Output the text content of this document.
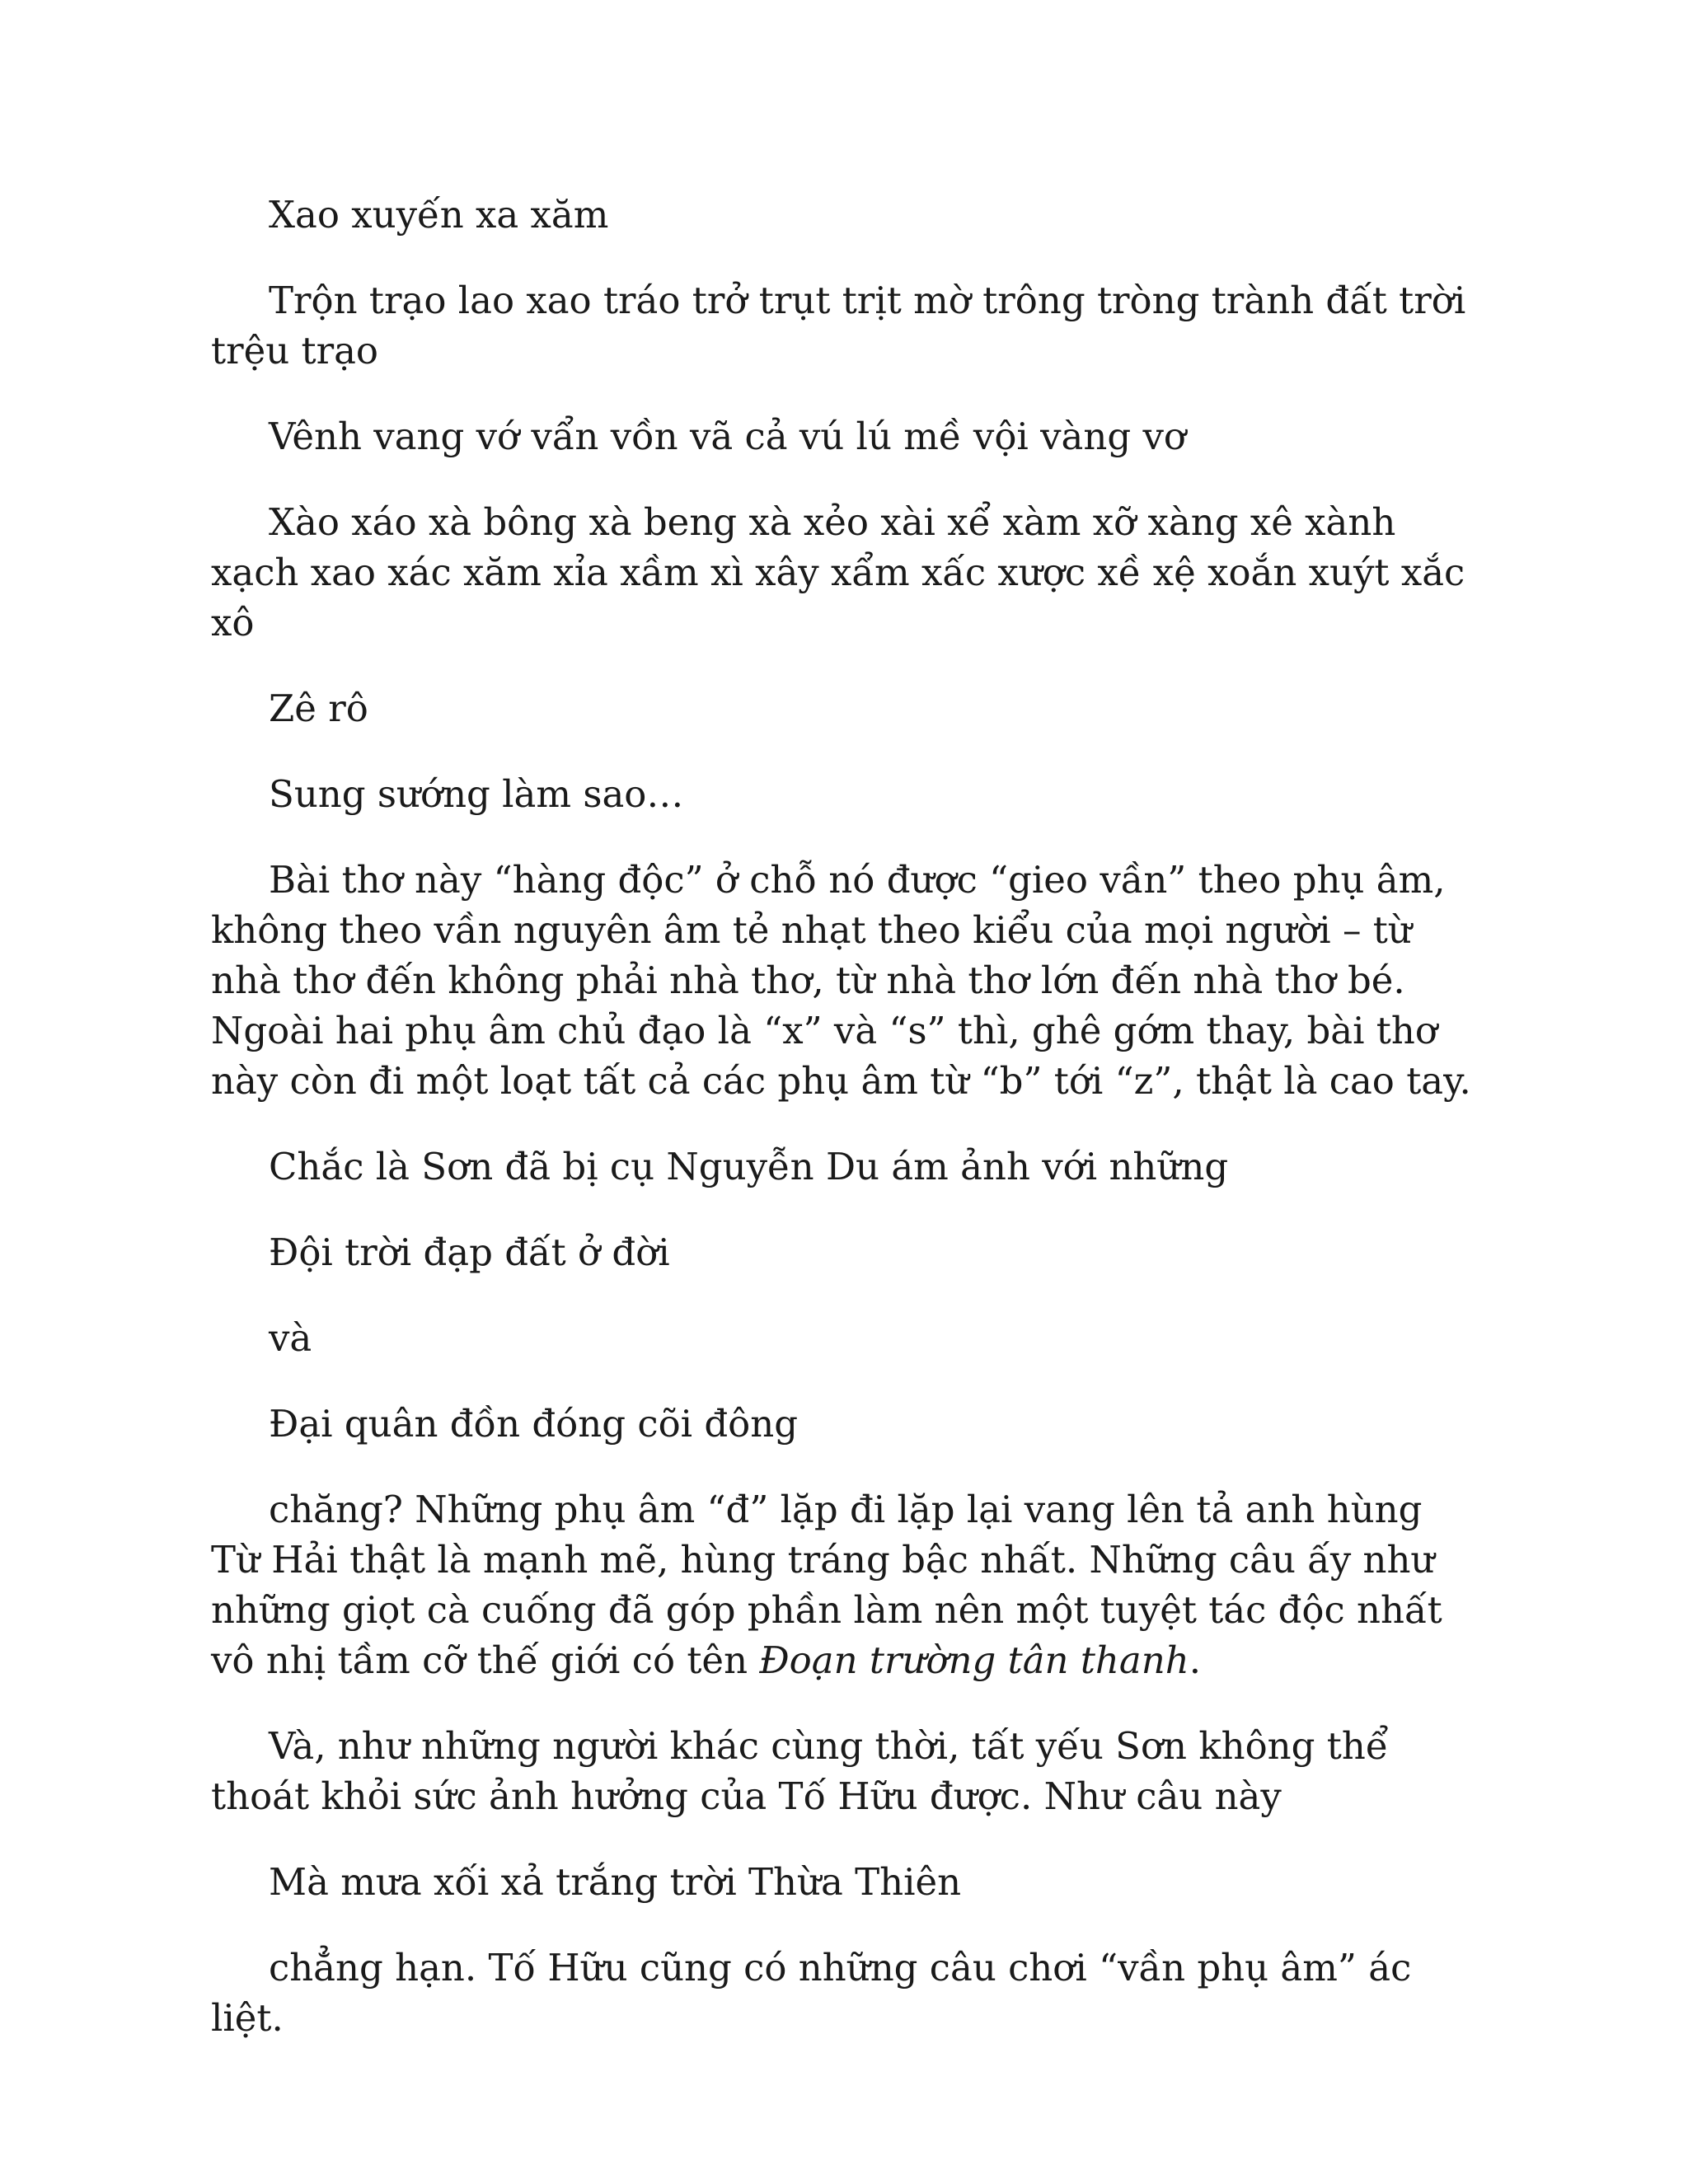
Xao xuyến xa xăm

Trộn trạo lao xao tráo trở trụt trịt mờ trông tròng trành đất trời trệu trạo

Vênh vang vớ vẩn vồn vã cả vú lú mề vội vàng vơ

Xào xáo xà bông xà beng xà xẻo xài xể xàm xỡ xàng xê xành xạch xao xác xăm xỉa xầm xì xây xẩm xấc xược xề xệ xoắn xuýt xắc xô

Zê rô

Sung sướng làm sao…

Bài thơ này “hàng độc” ở chỗ nó được “gieo vần” theo phụ âm, không theo vần nguyên âm tẻ nhạt theo kiểu của mọi người – từ nhà thơ đến không phải nhà thơ, từ nhà thơ lớn đến nhà thơ bé. Ngoài hai phụ âm chủ đạo là “x” và “s” thì, ghê gớm thay, bài thơ này còn đi một loạt tất cả các phụ âm từ “b” tới “z”, thật là cao tay.

Chắc là Sơn đã bị cụ Nguyễn Du ám ảnh với những

Đội trời đạp đất ở đời

và

Đại quân đồn đóng cõi đông

chăng? Những phụ âm “đ” lặp đi lặp lại vang lên tả anh hùng Từ Hải thật là mạnh mẽ, hùng tráng bậc nhất. Những câu ấy như những giọt cà cuống đã góp phần làm nên một tuyệt tác độc nhất vô nhị tầm cỡ thế giới có tên Đoạn trường tân thanh.

Và, như những người khác cùng thời, tất yếu Sơn không thể thoát khỏi sức ảnh hưởng của Tố Hữu được. Như câu này

Mà mưa xối xả trắng trời Thừa Thiên

chẳng hạn. Tố Hữu cũng có những câu chơi “vần phụ âm” ác liệt.
